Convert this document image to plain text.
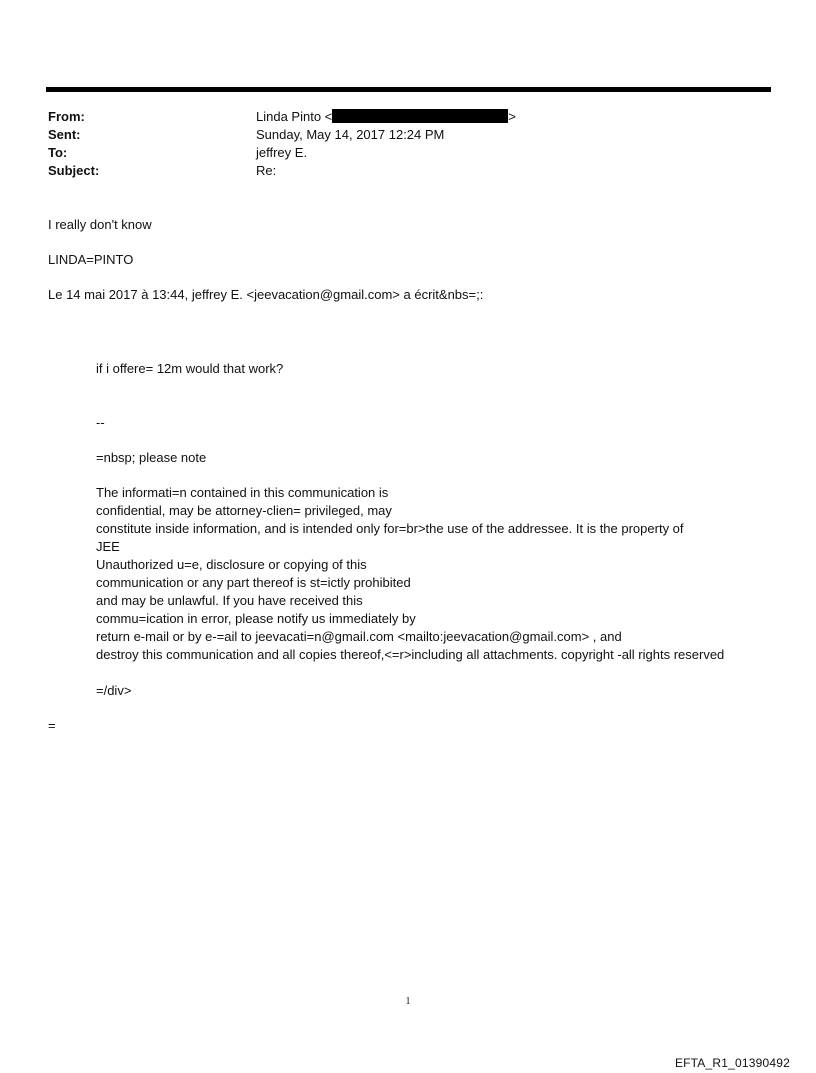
From:	Linda Pinto <	>
Sent:	Sunday, May 14, 2017 12:24 PM
To:	jeffrey E.
Subject:	Re:
I really don't know
LINDA=PINTO
Le 14 mai 2017 à 13:44, jeffrey E. <jeevacation@gmail.com> a écrit&nbs=;:
if i offere= 12m would that work?
--
=nbsp; please note
The informati=n contained in this communication is
confidential, may be attorney-clien= privileged, may
constitute inside information, and is intended only for=br>the use of the addressee. It is the property of
JEE
Unauthorized u=e, disclosure or copying of this
communication or any part thereof is st=ictly prohibited
and may be unlawful. If you have received this
commu=ication in error, please notify us immediately by
return e-mail or by e-=ail to jeevacati=n@gmail.com <mailto:jeevacation@gmail.com> , and
destroy this communication and all copies thereof,<=r>including all attachments. copyright -all rights reserved
=/div>
=
1
EFTA_R1_01390492
